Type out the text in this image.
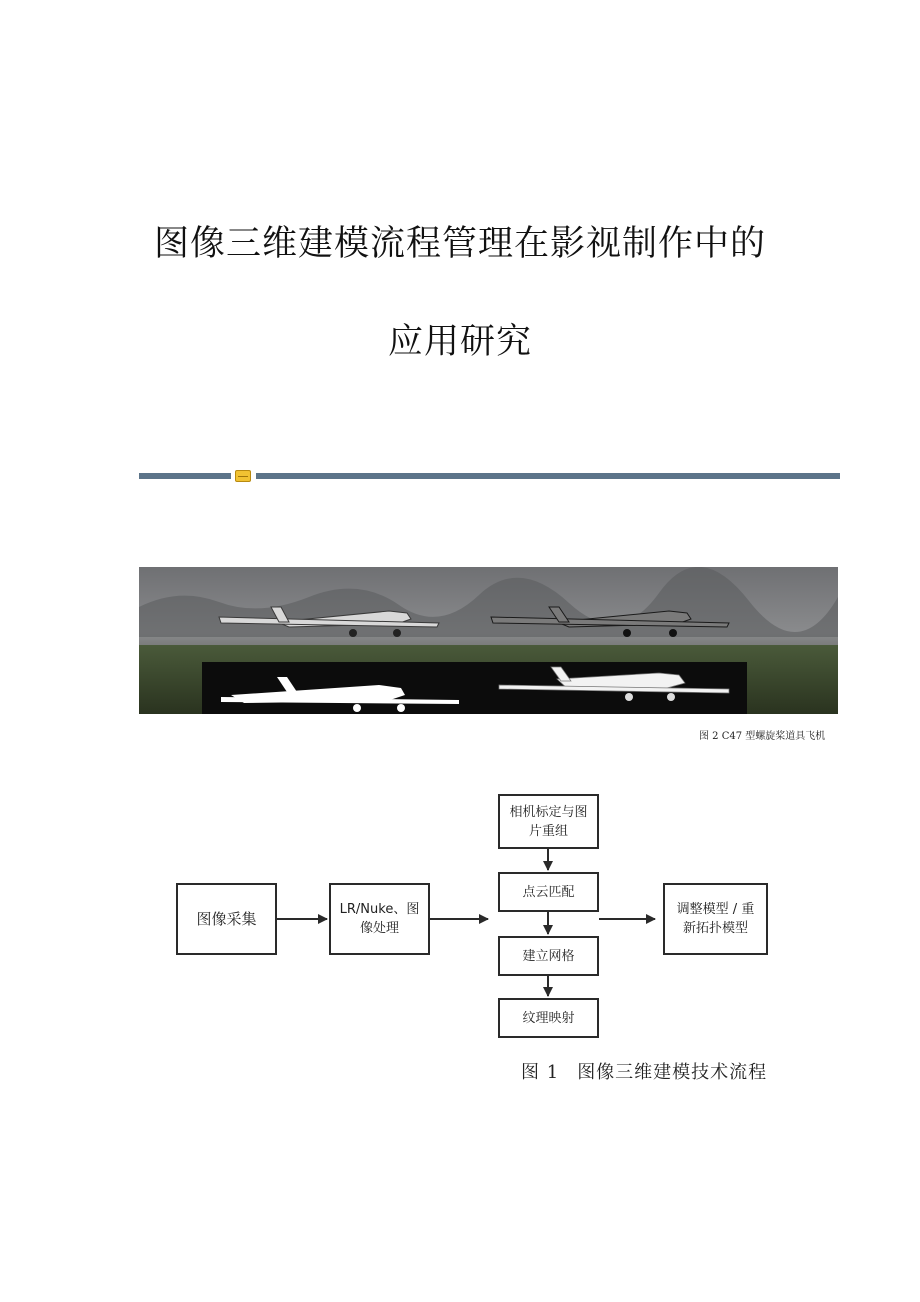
图像三维建模流程管理在影视制作中的
应用研究
图 2 C47 型螺旋桨道具飞机
图像采集	LR/Nuke、图像处理
相机标定与图片重组
点云匹配
建立网格
纹理映射
调整模型 / 重新拓扑模型
图 1 图像三维建模技术流程
